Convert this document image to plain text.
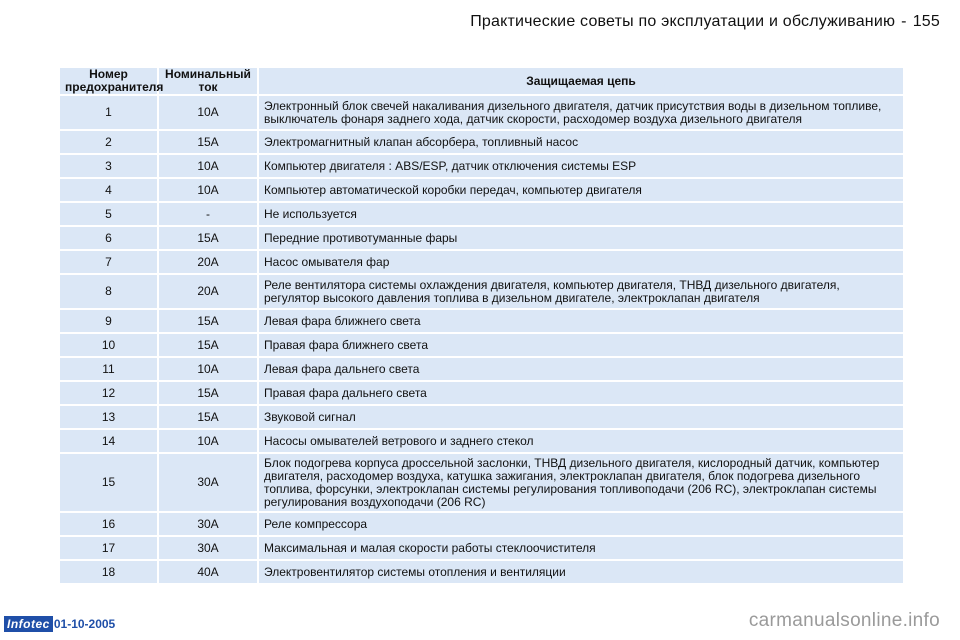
Практические советы по эксплуатации и обслуживанию - 155
Номер предохранителя	Номинальный ток	Защищаемая цепь
1	10A	Электронный блок свечей накаливания дизельного двигателя, датчик присутствия воды в дизельном топливе, выключатель фонаря заднего хода, датчик скорости, расходомер воздуха дизельного двигателя
2	15A	Электромагнитный клапан абсорбера, топливный насос
3	10A	Компьютер двигателя : ABS/ESP, датчик отключения системы ESP
4	10A	Компьютер автоматической коробки передач, компьютер двигателя
5	-	Не используется
6	15A	Передние противотуманные фары
7	20A	Насос омывателя фар
8	20A	Реле вентилятора системы охлаждения двигателя, компьютер двигателя, ТНВД дизельного двигателя, регулятор высокого давления топлива в дизельном двигателе, электроклапан двигателя
9	15A	Левая фара ближнего света
10	15A	Правая фара ближнего света
11	10A	Левая фара дальнего света
12	15A	Правая фара дальнего света
13	15A	Звуковой сигнал
14	10A	Насосы омывателей ветрового и заднего стекол
15	30A	Блок подогрева корпуса дроссельной заслонки, ТНВД дизельного двигателя, кислородный датчик, компьютер двигателя, расходомер воздуха, катушка зажигания, электроклапан двигателя, блок подогрева дизельного топлива, форсунки, электроклапан системы регулирования топливоподачи (206 RC), электроклапан системы регулирования воздухоподачи (206 RC)
16	30A	Реле компрессора
17	30A	Максимальная и малая скорости работы стеклоочистителя
18	40A	Электровентилятор системы отопления и вентиляции
Infotec 01-10-2005	carmanualsonline.info
